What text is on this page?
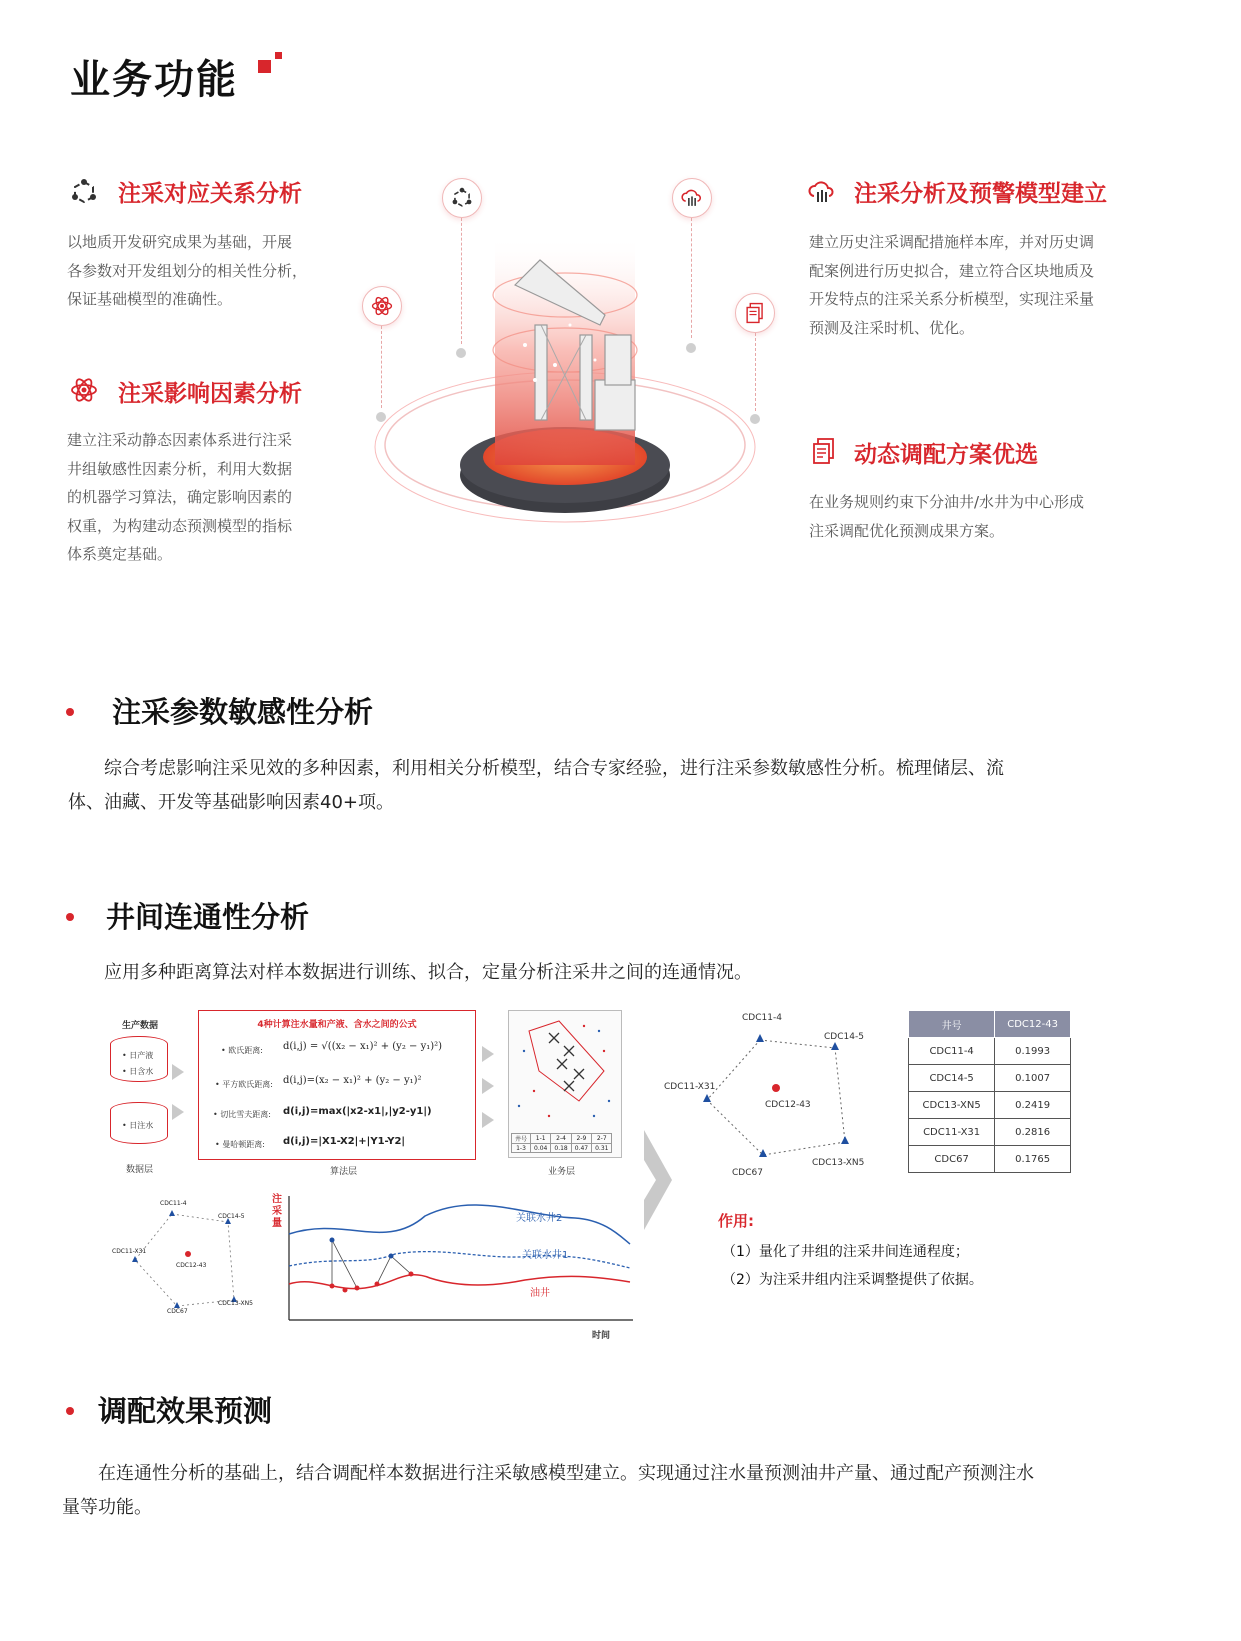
业务功能
注采对应关系分析
以地质开发研究成果为基础，开展
各参数对开发组划分的相关性分析，
保证基础模型的准确性。
注采影响因素分析
建立注采动静态因素体系进行注采
井组敏感性因素分析，利用大数据
的机器学习算法，确定影响因素的
权重，为构建动态预测模型的指标
体系奠定基础。
注采分析及预警模型建立
建立历史注采调配措施样本库，并对历史调
配案例进行历史拟合，建立符合区块地质及
开发特点的注采关系分析模型，实现注采量
预测及注采时机、优化。
动态调配方案优选
在业务规则约束下分油井/水井为中心形成
注采调配优化预测成果方案。
注采参数敏感性分析
　　综合考虑影响注采见效的多种因素，利用相关分析模型，结合专家经验，进行注采参数敏感性分析。梳理储层、流
体、油藏、开发等基础影响因素40+项。
井间连通性分析
　　应用多种距离算法对样本数据进行训练、拟合，定量分析注采井之间的连通情况。
生产数据
• 日产液
• 日含水
• 日注水
数据层
4种计算注水量和产液、含水之间的公式
• 欧氏距离: d(i,j) = √((x₂ − x₁)² + (y₂ − y₁)²)
• 平方欧氏距离: d(i,j)=(x₂ − x₁)² + (y₂ − y₁)²
• 切比雪夫距离: d(i,j)=max(|x2-x1|,|y2-y1|)
• 曼哈顿距离: d(i,j)=|X1-X2|+|Y1-Y2|
算法层
井号	1-1	2-4	2-9	2-7
1-3	0.04	0.18	0.47	0.31
业务层
CDC11-4
CDC14-5
CDC11-X31
CDC12-43
CDC67
CDC13-XN5
井号	CDC12-43
CDC11-4	0.1993
CDC14-5	0.1007
CDC13-XN5	0.2419
CDC11-X31	0.2816
CDC67	0.1765
CDC11-4
CDC14-5
CDC11-X31
CDC12-43
CDC67
CDC13-XN5
注
采
量	关联水井2
关联水井1
油井
时间
作用:
（1）量化了井组的注采井间连通程度；
（2）为注采井组内注采调整提供了依据。
调配效果预测
　　在连通性分析的基础上，结合调配样本数据进行注采敏感模型建立。实现通过注水量预测油井产量、通过配产预测注水
量等功能。
